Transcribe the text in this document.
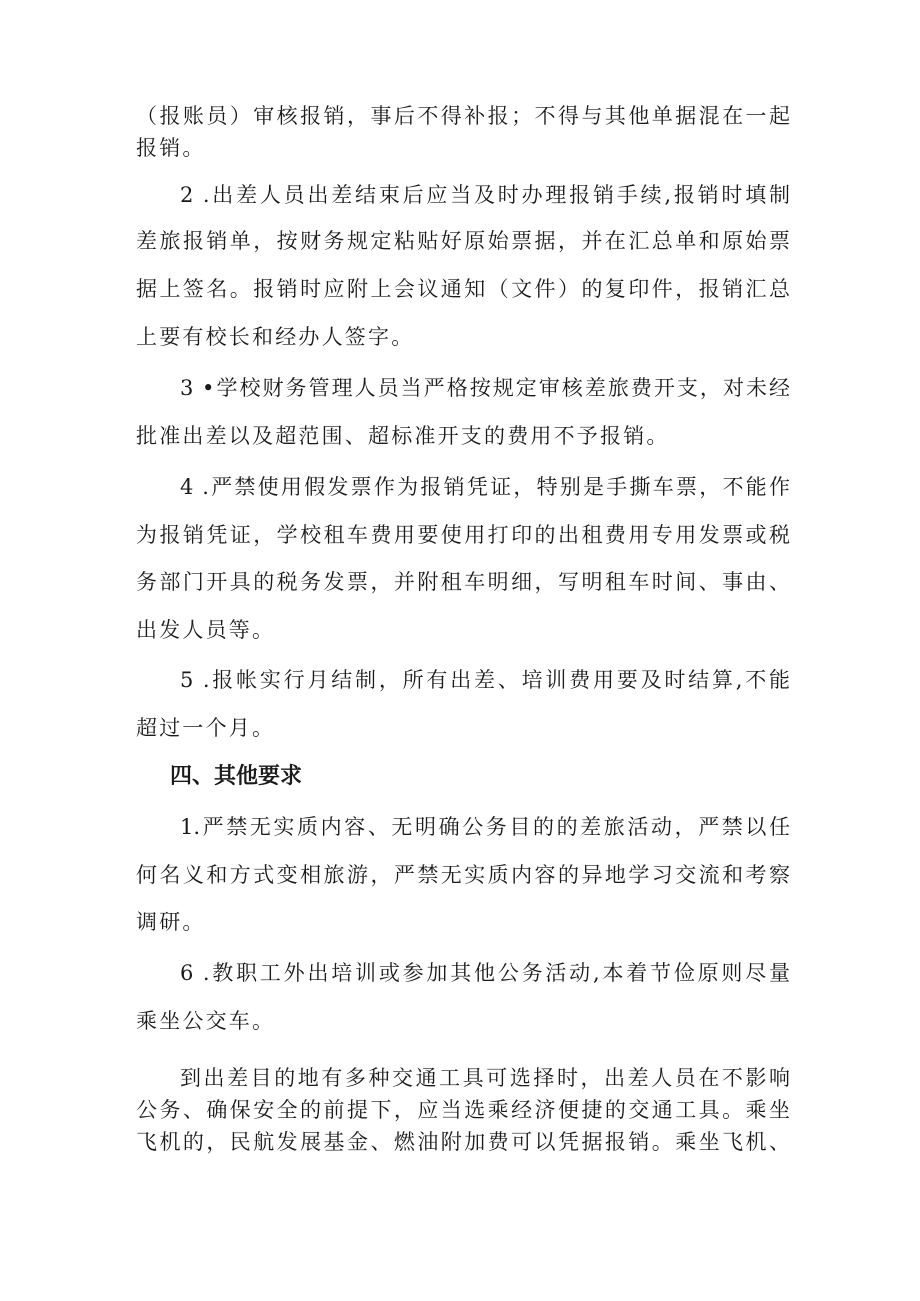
（报账员）审核报销，事后不得补报；不得与其他单据混在一起
报销。
2 .出差人员出差结束后应当及时办理报销手续,报销时填制
差旅报销单，按财务规定粘贴好原始票据，并在汇总单和原始票
据上签名。报销时应附上会议通知（文件）的复印件，报销汇总
上要有校长和经办人签字。
3 •学校财务管理人员当严格按规定审核差旅费开支，对未经
批准出差以及超范围、超标准开支的费用不予报销。
4 .严禁使用假发票作为报销凭证，特别是手撕车票，不能作
为报销凭证，学校租车费用要使用打印的出租费用专用发票或税
务部门开具的税务发票，并附租车明细，写明租车时间、事由、
出发人员等。
5 .报帐实行月结制，所有出差、培训费用要及时结算,不能
超过一个月。
四、其他要求
1.严禁无实质内容、无明确公务目的的差旅活动，严禁以任
何名义和方式变相旅游，严禁无实质内容的异地学习交流和考察
调研。
6 .教职工外出培训或参加其他公务活动,本着节俭原则尽量
乘坐公交车。
到出差目的地有多种交通工具可选择时，出差人员在不影响
公务、确保安全的前提下，应当选乘经济便捷的交通工具。乘坐
飞机的，民航发展基金、燃油附加费可以凭据报销。乘坐飞机、
